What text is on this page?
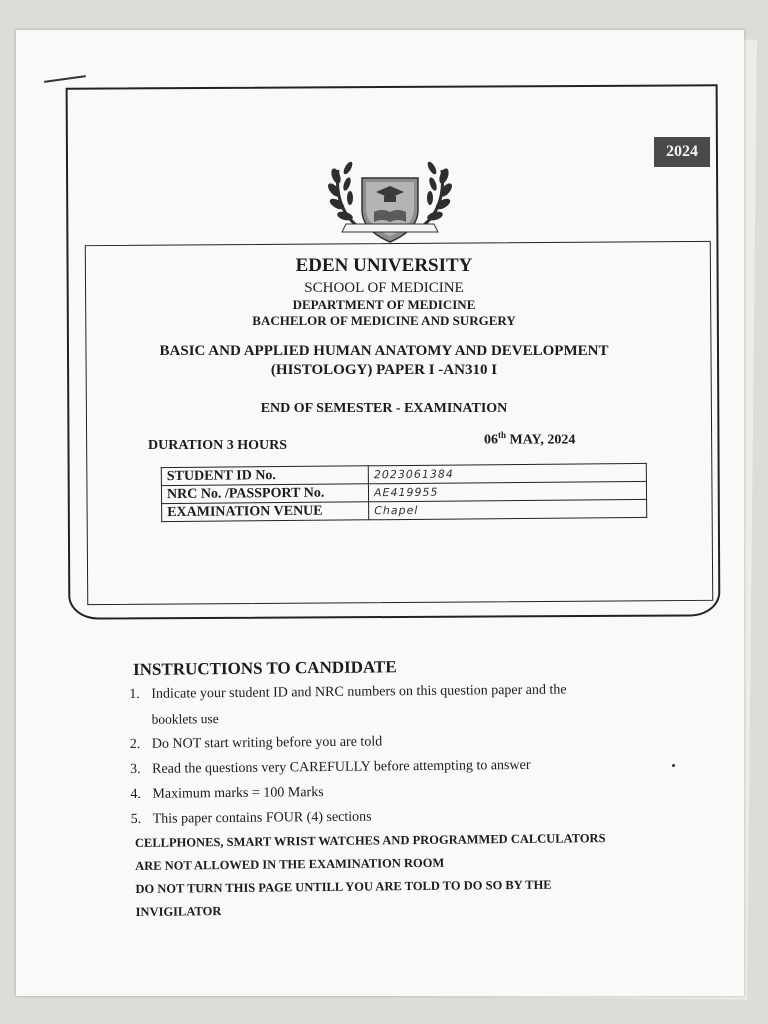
2024
EDEN UNIVERSITY
SCHOOL OF MEDICINE
DEPARTMENT OF MEDICINE
BACHELOR OF MEDICINE AND SURGERY
BASIC AND APPLIED HUMAN ANATOMY AND DEVELOPMENT
(HISTOLOGY) PAPER I -AN310 I
END OF SEMESTER - EXAMINATION
DURATION 3 HOURS	06th MAY, 2024
STUDENT ID No.	2023061384
NRC No. /PASSPORT No.	AE419955
EXAMINATION VENUE	Chapel
INSTRUCTIONS TO CANDIDATE
1. Indicate your student ID and NRC numbers on this question paper and the
booklets use
2. Do NOT start writing before you are told
3. Read the questions very CAREFULLY before attempting to answer
4. Maximum marks = 100 Marks
5. This paper contains FOUR (4) sections
CELLPHONES, SMART WRIST WATCHES AND PROGRAMMED CALCULATORS
ARE NOT ALLOWED IN THE EXAMINATION ROOM
DO NOT TURN THIS PAGE UNTILL YOU ARE TOLD TO DO SO BY THE
INVIGILATOR
